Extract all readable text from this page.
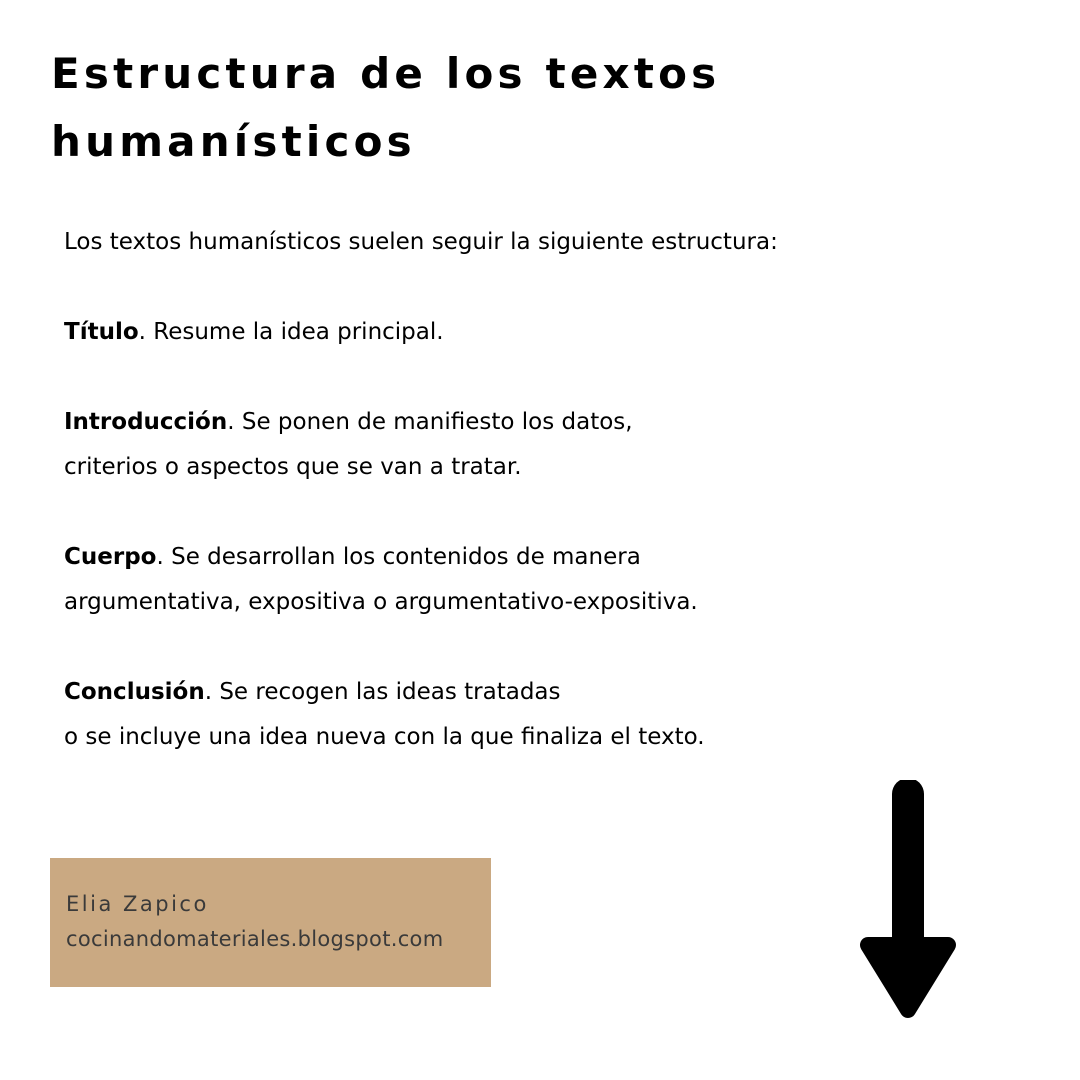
Estructura de los textos
humanísticos

Los textos humanísticos suelen seguir la siguiente estructura:

Título. Resume la idea principal.

Introducción. Se ponen de manifiesto los datos,
criterios o aspectos que se van a tratar.

Cuerpo. Se desarrollan los contenidos de manera
argumentativa, expositiva o argumentativo-expositiva.

Conclusión. Se recogen las ideas tratadas
o se incluye una idea nueva con la que finaliza el texto.

Elia Zapico
cocinandomateriales.blogspot.com
